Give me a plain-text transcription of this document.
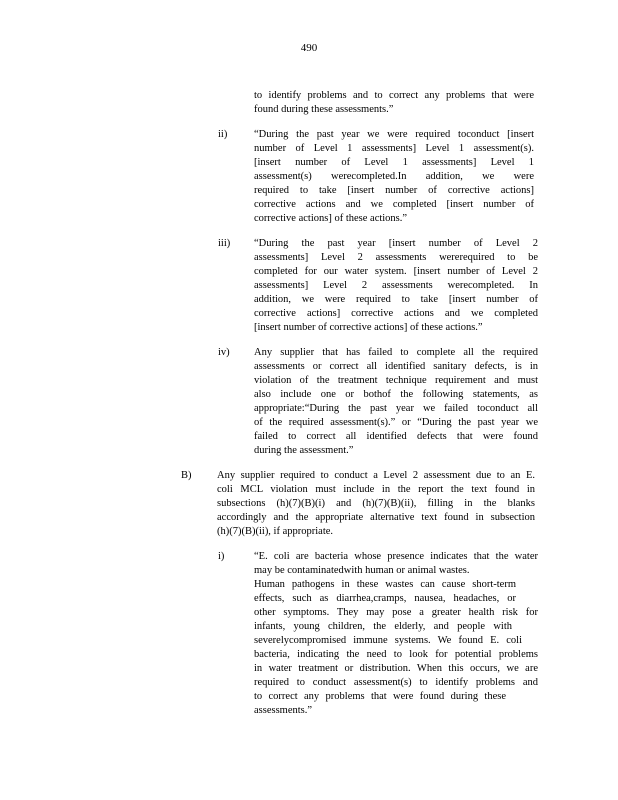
490
to identify problems and to correct any problems that were
found during these assessments.”
ii)	“During the past year we were required toconduct [insert
number of Level 1 assessments] Level 1 assessment(s).
[insert number of Level 1 assessments] Level 1
assessment(s) werecompleted.In addition, we were
required to take [insert number of corrective actions]
corrective actions and we completed [insert number of
corrective actions] of these actions.”
iii) “During the past year [insert number of Level 2
assessments] Level 2 assessments wererequired to be
completed for our water system. [insert number of Level 2
assessments] Level 2 assessments werecompleted. In
addition, we were required to take [insert number of
corrective actions] corrective actions and we completed
[insert number of corrective actions] of these actions.”
iv) Any supplier that has failed to complete all the required
assessments or correct all identified sanitary defects, is in
violation of the treatment technique requirement and must
also include one or bothof the following statements, as
appropriate:“During the past year we failed toconduct all
of the required assessment(s).” or “During the past year we
failed to correct all identified defects that were found
during the assessment.”
B) Any supplier required to conduct a Level 2 assessment due to an E.
coli MCL violation must include in the report the text found in
subsections (h)(7)(B)(i) and (h)(7)(B)(ii), filling in the blanks
accordingly and the appropriate alternative text found in subsection
(h)(7)(B)(ii), if appropriate.
i)	“E. coli are bacteria whose presence indicates that the water
may be contaminatedwith human or animal wastes.
Human pathogens in these wastes can cause short-term
effects, such as diarrhea,cramps, nausea, headaches, or
other symptoms. They may pose a greater health risk for
infants, young children, the elderly, and people with
severelycompromised immune systems. We found E. coli
bacteria, indicating the need to look for potential problems
in water treatment or distribution. When this occurs, we are
required to conduct assessment(s) to identify problems and
to correct any problems that were found during these
assessments.”
